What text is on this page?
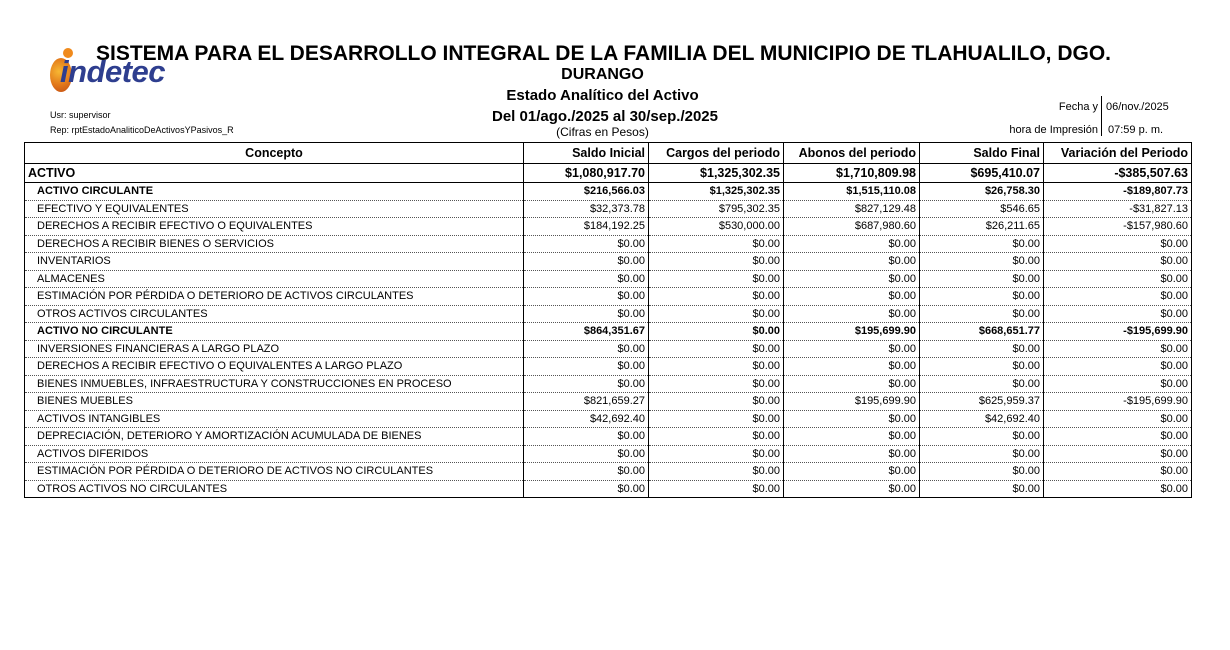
indetec
SISTEMA PARA EL DESARROLLO INTEGRAL DE LA FAMILIA DEL MUNICIPIO DE TLAHUALILO, DGO.
DURANGO
Estado Analítico del Activo
Del 01/ago./2025 al 30/sep./2025
(Cifras en Pesos)
Usr: supervisor
Rep: rptEstadoAnaliticoDeActivosYPasivos_R
Fecha y 06/nov./2025
hora de Impresión 07:59 p. m.
Concepto	Saldo Inicial	Cargos del periodo	Abonos del periodo	Saldo Final	Variación del Periodo
ACTIVO	$1,080,917.70	$1,325,302.35	$1,710,809.98	$695,410.07	-$385,507.63
ACTIVO CIRCULANTE	$216,566.03	$1,325,302.35	$1,515,110.08	$26,758.30	-$189,807.73
EFECTIVO Y EQUIVALENTES	$32,373.78	$795,302.35	$827,129.48	$546.65	-$31,827.13
DERECHOS A RECIBIR EFECTIVO O EQUIVALENTES	$184,192.25	$530,000.00	$687,980.60	$26,211.65	-$157,980.60
DERECHOS A RECIBIR BIENES O SERVICIOS	$0.00	$0.00	$0.00	$0.00	$0.00
INVENTARIOS	$0.00	$0.00	$0.00	$0.00	$0.00
ALMACENES	$0.00	$0.00	$0.00	$0.00	$0.00
ESTIMACIÓN POR PÉRDIDA O DETERIORO DE ACTIVOS CIRCULANTES	$0.00	$0.00	$0.00	$0.00	$0.00
OTROS ACTIVOS CIRCULANTES	$0.00	$0.00	$0.00	$0.00	$0.00
ACTIVO NO CIRCULANTE	$864,351.67	$0.00	$195,699.90	$668,651.77	-$195,699.90
INVERSIONES FINANCIERAS A LARGO PLAZO	$0.00	$0.00	$0.00	$0.00	$0.00
DERECHOS A RECIBIR EFECTIVO O EQUIVALENTES A LARGO PLAZO	$0.00	$0.00	$0.00	$0.00	$0.00
BIENES INMUEBLES, INFRAESTRUCTURA Y CONSTRUCCIONES EN PROCESO	$0.00	$0.00	$0.00	$0.00	$0.00
BIENES MUEBLES	$821,659.27	$0.00	$195,699.90	$625,959.37	-$195,699.90
ACTIVOS INTANGIBLES	$42,692.40	$0.00	$0.00	$42,692.40	$0.00
DEPRECIACIÓN, DETERIORO Y AMORTIZACIÓN ACUMULADA DE BIENES	$0.00	$0.00	$0.00	$0.00	$0.00
ACTIVOS DIFERIDOS	$0.00	$0.00	$0.00	$0.00	$0.00
ESTIMACIÓN POR PÉRDIDA O DETERIORO DE ACTIVOS NO CIRCULANTES	$0.00	$0.00	$0.00	$0.00	$0.00
OTROS ACTIVOS NO CIRCULANTES	$0.00	$0.00	$0.00	$0.00	$0.00
